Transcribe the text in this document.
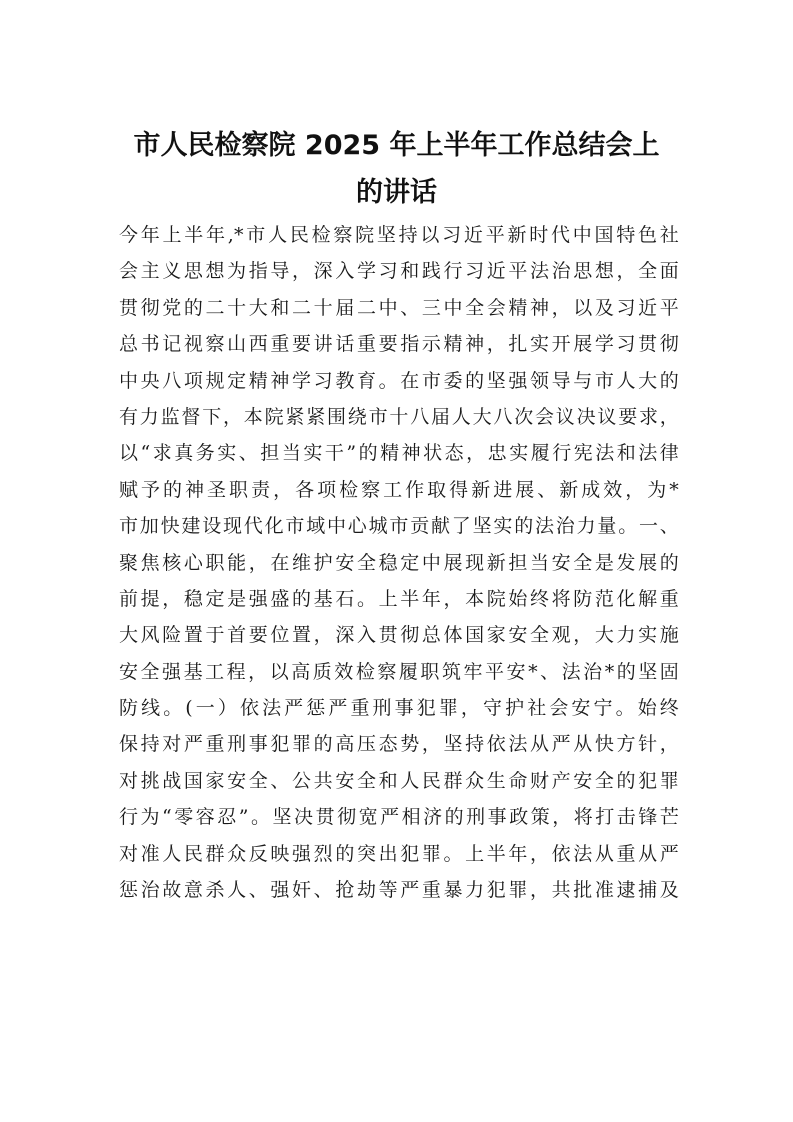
市人民检察院 2025 年上半年工作总结会上
的讲话
今年上半年,*市人民检察院坚持以习近平新时代中国特色社
会主义思想为指导，深入学习和践行习近平法治思想，全面
贯彻党的二十大和二十届二中、三中全会精神，以及习近平
总书记视察山西重要讲话重要指示精神，扎实开展学习贯彻
中央八项规定精神学习教育。在市委的坚强领导与市人大的
有力监督下，本院紧紧围绕市十八届人大八次会议决议要求，
以“求真务实、担当实干”的精神状态，忠实履行宪法和法律
赋予的神圣职责，各项检察工作取得新进展、新成效，为*
市加快建设现代化市域中心城市贡献了坚实的法治力量。一、
聚焦核心职能，在维护安全稳定中展现新担当安全是发展的
前提，稳定是强盛的基石。上半年，本院始终将防范化解重
大风险置于首要位置，深入贯彻总体国家安全观，大力实施
安全强基工程，以高质效检察履职筑牢平安*、法治*的坚固
防线。(一）依法严惩严重刑事犯罪，守护社会安宁。始终
保持对严重刑事犯罪的高压态势，坚持依法从严从快方针，
对挑战国家安全、公共安全和人民群众生命财产安全的犯罪
行为“零容忍”。坚决贯彻宽严相济的刑事政策，将打击锋芒
对准人民群众反映强烈的突出犯罪。上半年，依法从重从严
惩治故意杀人、强奸、抢劫等严重暴力犯罪，共批准逮捕及
